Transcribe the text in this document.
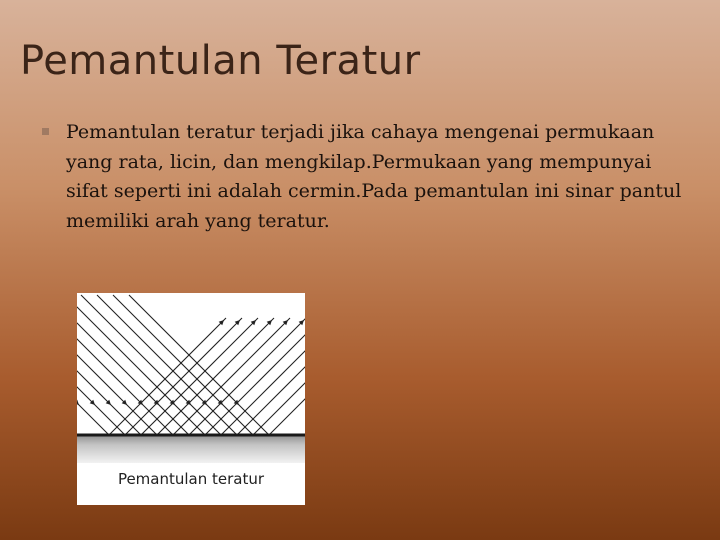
Pemantulan Teratur
Pemantulan teratur terjadi jika cahaya mengenai permukaan yang rata, licin, dan mengkilap.Permukaan yang mempunyai sifat seperti ini adalah cermin.Pada pemantulan ini sinar pantul memiliki arah yang teratur.
Pemantulan teratur
